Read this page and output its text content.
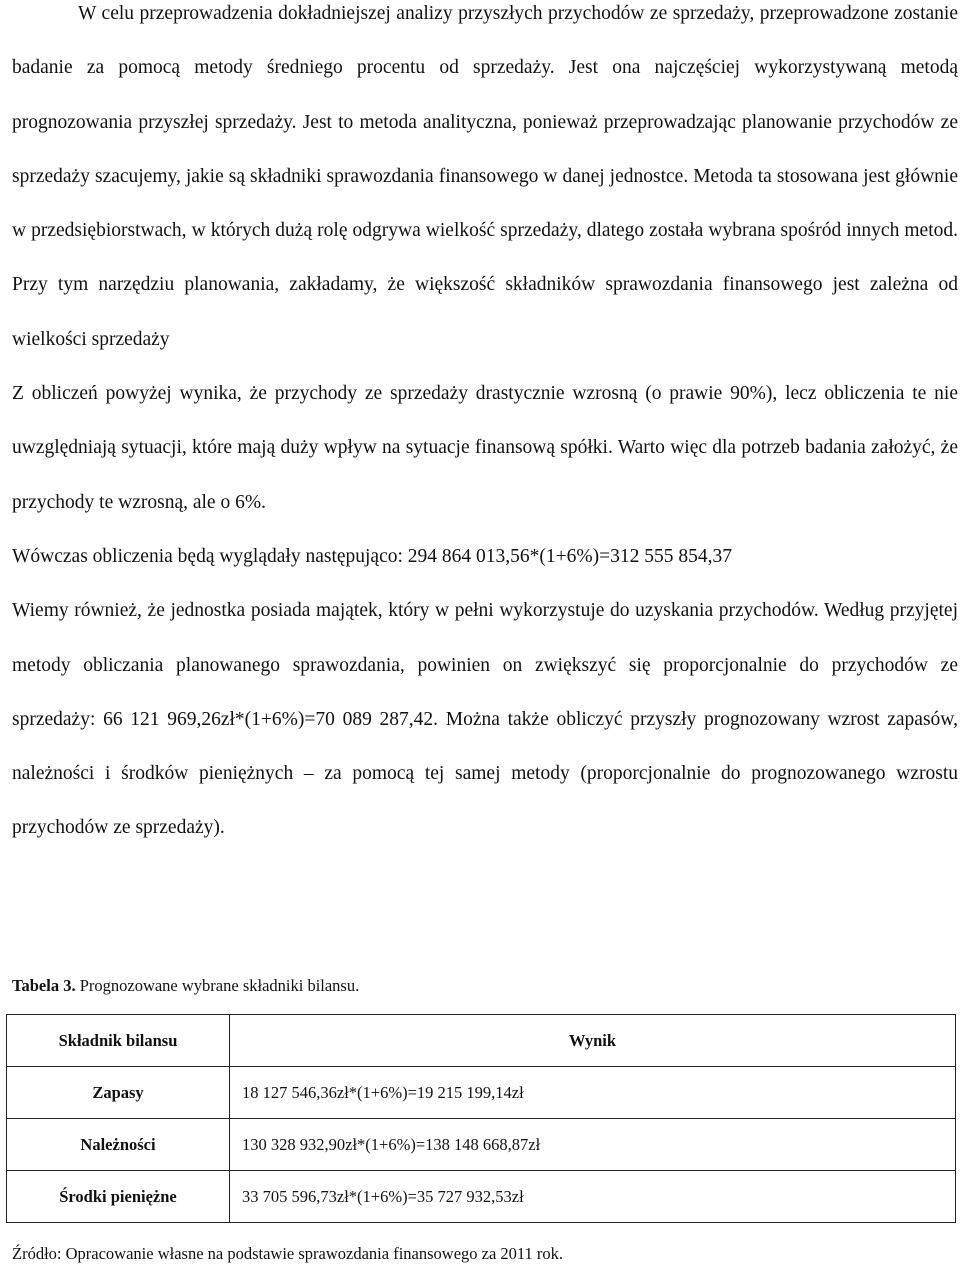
W celu przeprowadzenia dokładniejszej analizy przyszłych przychodów ze sprzedaży, przeprowadzone zostanie badanie za pomocą metody średniego procentu od sprzedaży. Jest ona najczęściej wykorzystywaną metodą prognozowania przyszłej sprzedaży. Jest to metoda analityczna, ponieważ przeprowadzając planowanie przychodów ze sprzedaży szacujemy, jakie są składniki sprawozdania finansowego w danej jednostce. Metoda ta stosowana jest głównie w przedsiębiorstwach, w których dużą rolę odgrywa wielkość sprzedaży, dlatego została wybrana spośród innych metod. Przy tym narzędziu planowania, zakładamy, że większość składników sprawozdania finansowego jest zależna od wielkości sprzedaży

Z obliczeń powyżej wynika, że przychody ze sprzedaży drastycznie wzrosną (o prawie 90%), lecz obliczenia te nie uwzględniają sytuacji, które mają duży wpływ na sytuacje finansową spółki. Warto więc dla potrzeb badania założyć, że przychody te wzrosną, ale o 6%.

Wówczas obliczenia będą wyglądały następująco: 294 864 013,56*(1+6%)=312 555 854,37

Wiemy również, że jednostka posiada majątek, który w pełni wykorzystuje do uzyskania przychodów. Według przyjętej metody obliczania planowanego sprawozdania, powinien on zwiększyć się proporcjonalnie do przychodów ze sprzedaży: 66 121 969,26zł*(1+6%)=70 089 287,42. Można także obliczyć przyszły prognozowany wzrost zapasów, należności i środków pieniężnych – za pomocą tej samej metody (proporcjonalnie do prognozowanego wzrostu przychodów ze sprzedaży).

Tabela 3. Prognozowane wybrane składniki bilansu.

Składnik bilansu	Wynik
Zapasy	18 127 546,36zł*(1+6%)=19 215 199,14zł
Należności	130 328 932,90zł*(1+6%)=138 148 668,87zł
Środki pieniężne	33 705 596,73zł*(1+6%)=35 727 932,53zł

Źródło: Opracowanie własne na podstawie sprawozdania finansowego za 2011 rok.
